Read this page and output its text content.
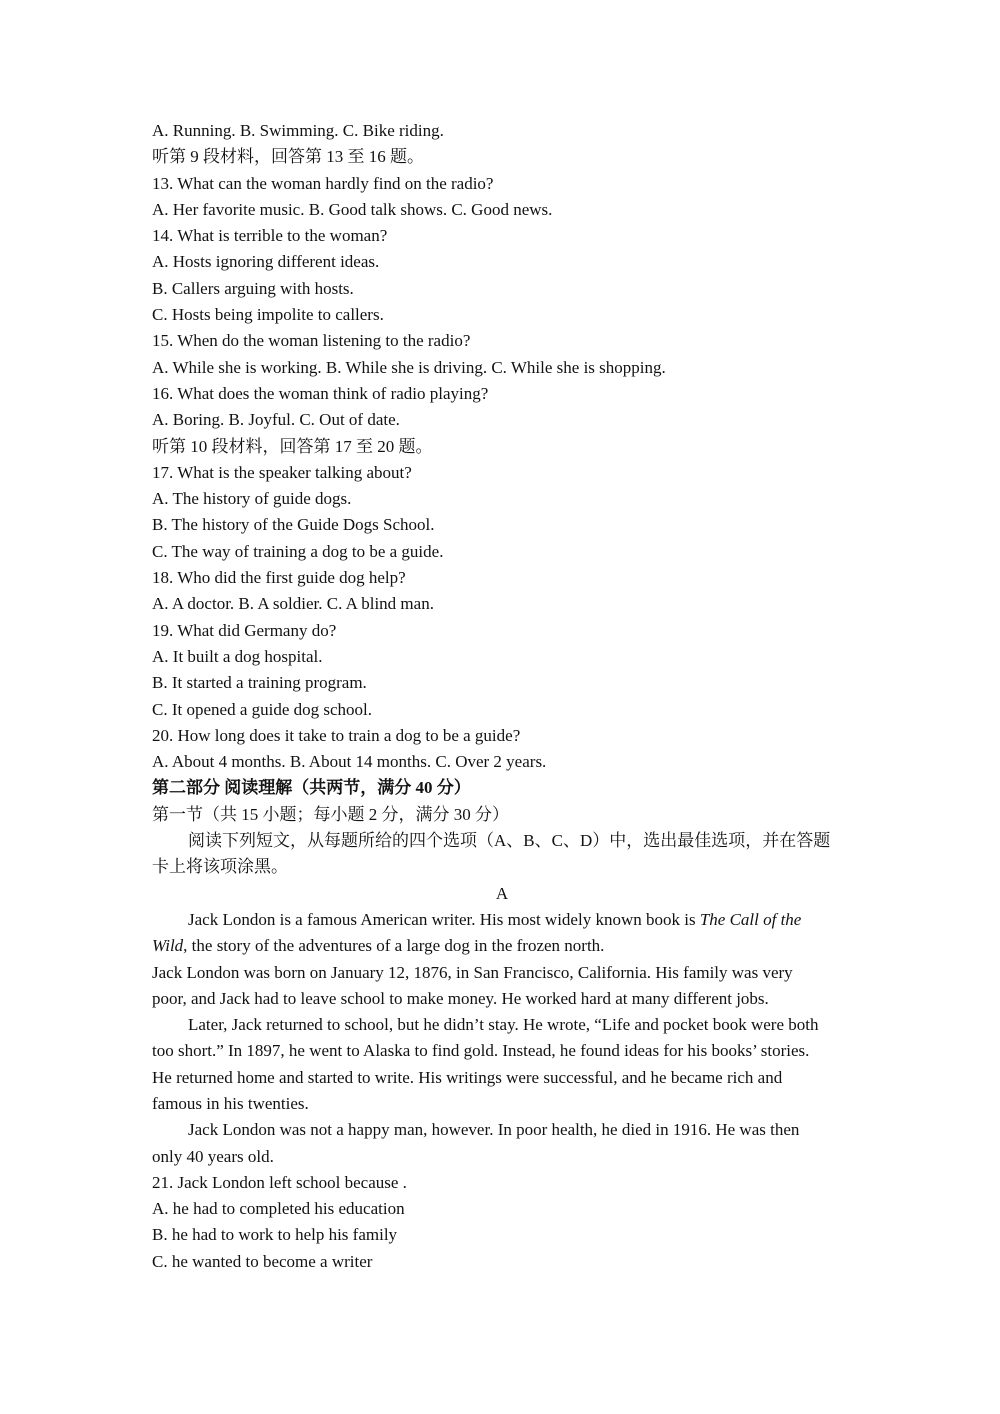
A. Running. B. Swimming. C. Bike riding.
听第 9 段材料，回答第 13 至 16 题。
13. What can the woman hardly find on the radio?
A. Her favorite music. B. Good talk shows. C. Good news.
14. What is terrible to the woman?
A. Hosts ignoring different ideas.
B. Callers arguing with hosts.
C. Hosts being impolite to callers.
15. When do the woman listening to the radio?
A. While she is working. B. While she is driving. C. While she is shopping.
16. What does the woman think of radio playing?
A. Boring. B. Joyful. C. Out of date.
听第 10 段材料，回答第 17 至 20 题。
17. What is the speaker talking about?
A. The history of guide dogs.
B. The history of the Guide Dogs School.
C. The way of training a dog to be a guide.
18. Who did the first guide dog help?
A. A doctor. B. A soldier. C. A blind man.
19. What did Germany do?
A. It built a dog hospital.
B. It started a training program.
C. It opened a guide dog school.
20. How long does it take to train a dog to be a guide?
A. About 4 months. B. About 14 months. C. Over 2 years.
第二部分 阅读理解（共两节，满分 40 分）
第一节（共 15 小题；每小题 2 分，满分 30 分）
阅读下列短文，从每题所给的四个选项（A、B、C、D）中，选出最佳选项，并在答题
卡上将该项涂黑。
A
Jack London is a famous American writer. His most widely known book is The Call of the
Wild, the story of the adventures of a large dog in the frozen north.
Jack London was born on January 12, 1876, in San Francisco, California. His family was very
poor, and Jack had to leave school to make money. He worked hard at many different jobs.
Later, Jack returned to school, but he didn’t stay. He wrote, “Life and pocket book were both
too short.” In 1897, he went to Alaska to find gold. Instead, he found ideas for his books’ stories.
He returned home and started to write. His writings were successful, and he became rich and
famous in his twenties.
Jack London was not a happy man, however. In poor health, he died in 1916. He was then
only 40 years old.
21. Jack London left school because .
A. he had to completed his education
B. he had to work to help his family
C. he wanted to become a writer
